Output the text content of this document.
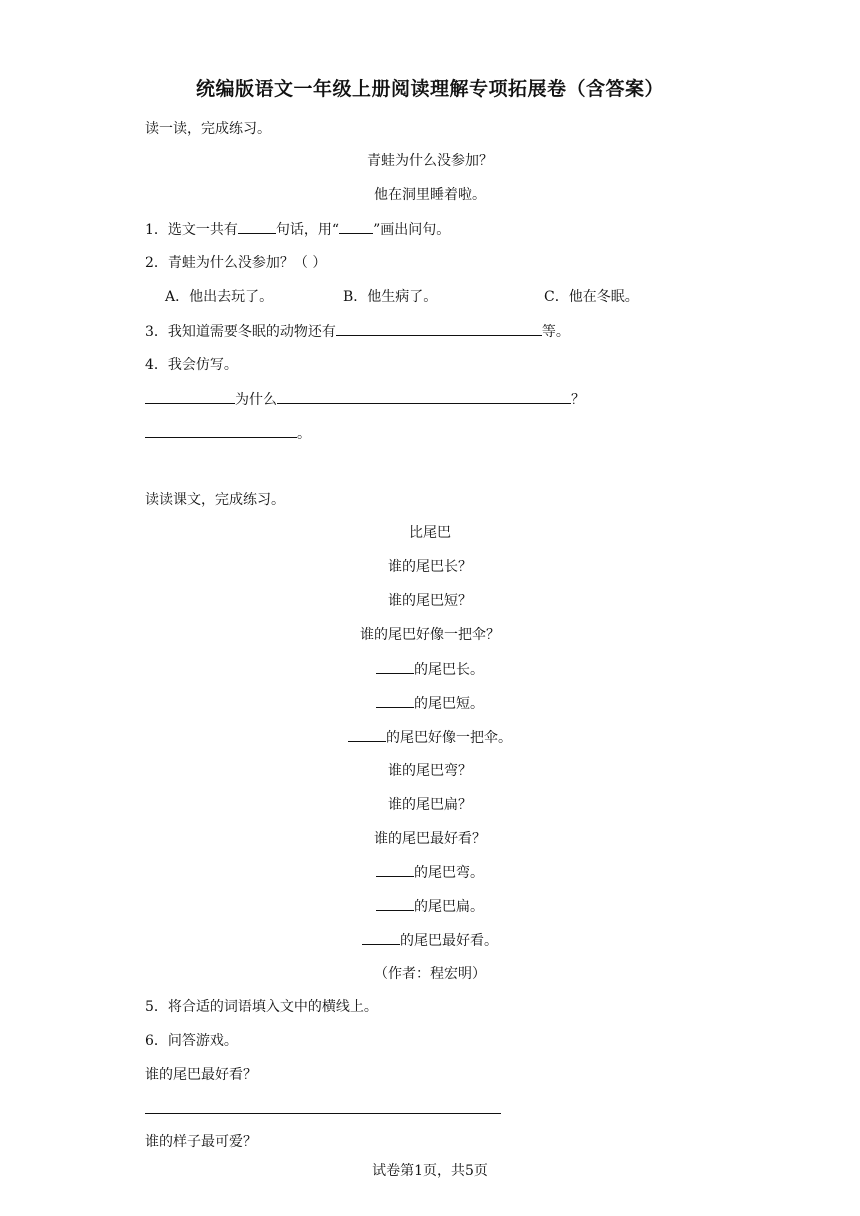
统编版语文一年级上册阅读理解专项拓展卷（含答案）
读一读，完成练习。
青蛙为什么没参加？
他在洞里睡着啦。
1．选文一共有	句话，用“ ”画出问句。
2．青蛙为什么没参加？（ ）
A．他出去玩了。	B．他生病了。	C．他在冬眠。
3．我知道需要冬眠的动物还有	等。
4．我会仿写。
为什么	？
。
读读课文，完成练习。
比尾巴
谁的尾巴长？
谁的尾巴短？
谁的尾巴好像一把伞？
的尾巴长。
的尾巴短。
的尾巴好像一把伞。
谁的尾巴弯？
谁的尾巴扁？
谁的尾巴最好看？
的尾巴弯。
的尾巴扁。
的尾巴最好看。
（作者：程宏明）
5．将合适的词语填入文中的横线上。
6．问答游戏。
谁的尾巴最好看？
谁的样子最可爱？
试卷第1页，共5页
